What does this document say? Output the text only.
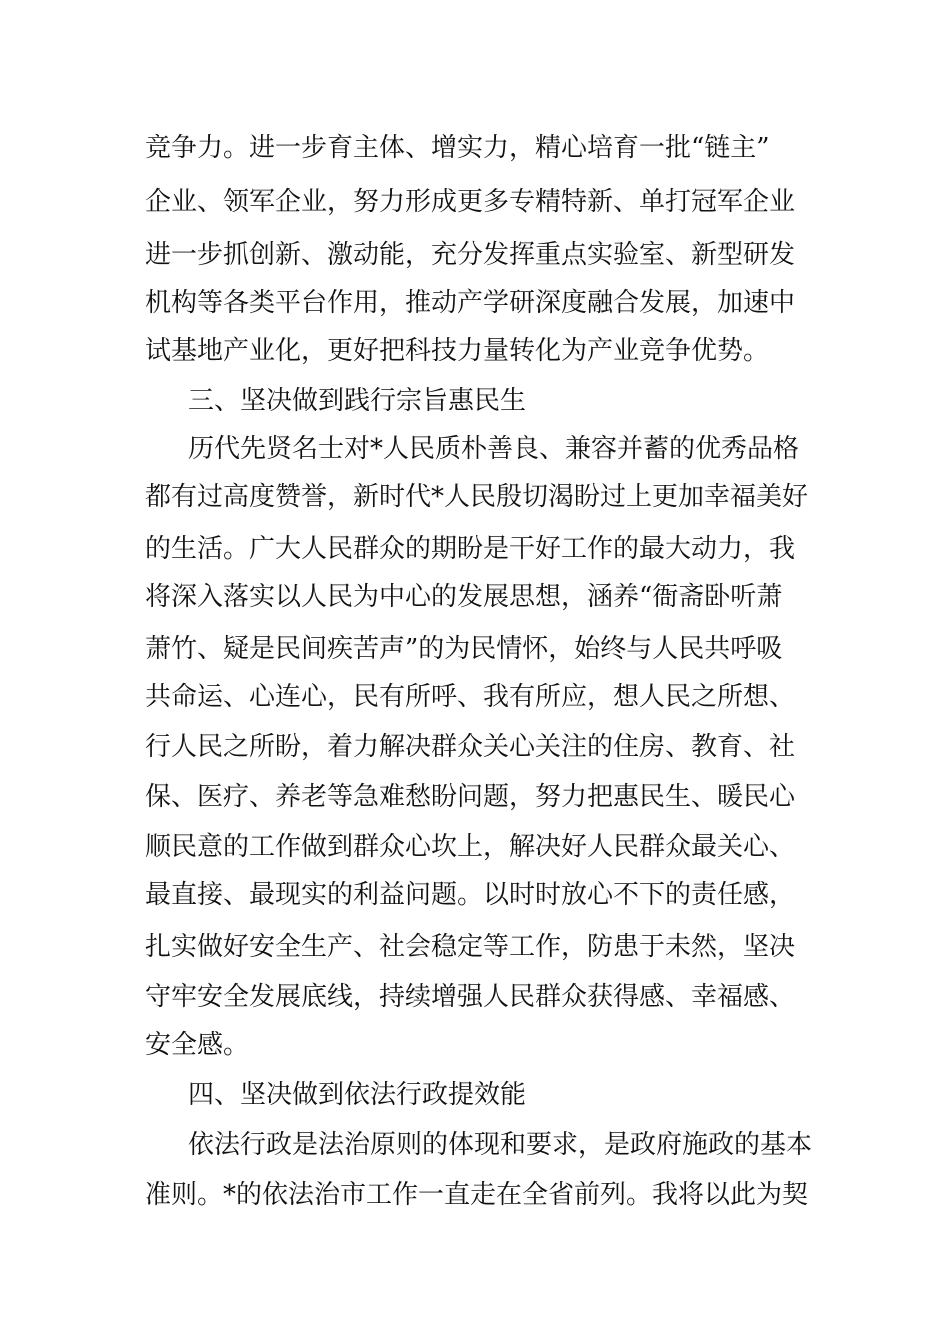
竞争力。进一步育主体、增实力，精心培育一批“链主”
企业、领军企业，努力形成更多专精特新、单打冠军企业
进一步抓创新、激动能，充分发挥重点实验室、新型研发
机构等各类平台作用，推动产学研深度融合发展，加速中
试基地产业化，更好把科技力量转化为产业竞争优势。
三、坚决做到践行宗旨惠民生
历代先贤名士对*人民质朴善良、兼容并蓄的优秀品格
都有过高度赞誉，新时代*人民殷切渴盼过上更加幸福美好
的生活。广大人民群众的期盼是干好工作的最大动力，我
将深入落实以人民为中心的发展思想，涵养“衙斋卧听萧
萧竹、疑是民间疾苦声”的为民情怀，始终与人民共呼吸
共命运、心连心，民有所呼、我有所应，想人民之所想、
行人民之所盼，着力解决群众关心关注的住房、教育、社
保、医疗、养老等急难愁盼问题，努力把惠民生、暖民心
顺民意的工作做到群众心坎上，解决好人民群众最关心、
最直接、最现实的利益问题。以时时放心不下的责任感，
扎实做好安全生产、社会稳定等工作，防患于未然，坚决
守牢安全发展底线，持续增强人民群众获得感、幸福感、
安全感。
四、坚决做到依法行政提效能
依法行政是法治原则的体现和要求，是政府施政的基本
准则。*的依法治市工作一直走在全省前列。我将以此为契
